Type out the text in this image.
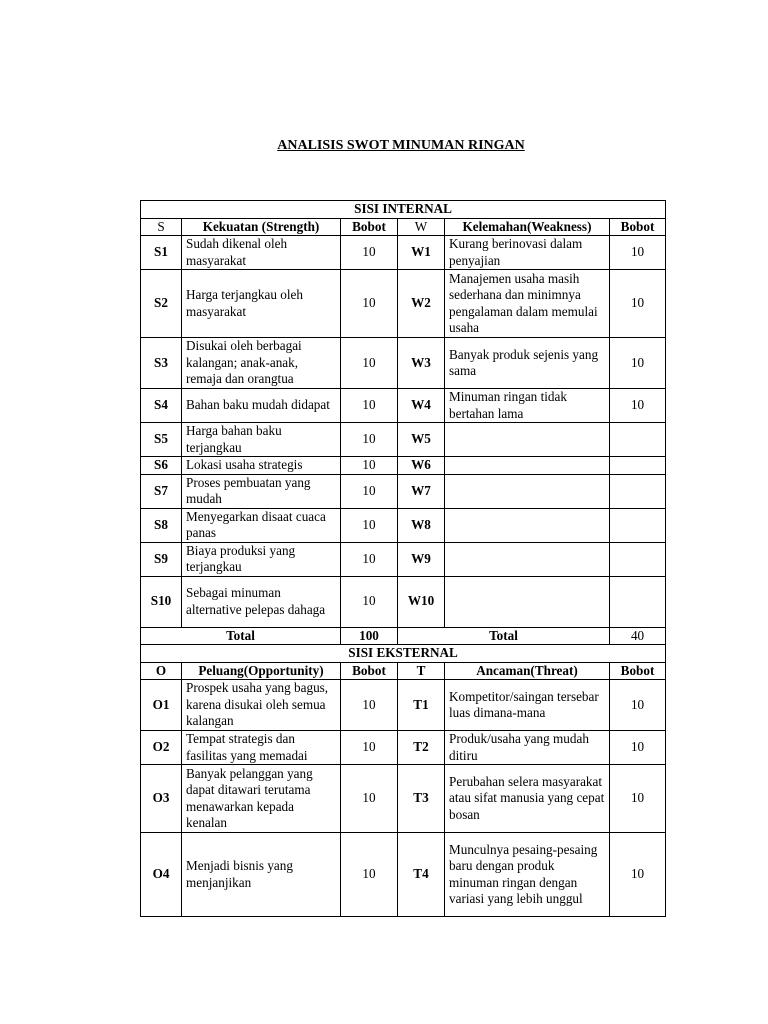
ANALISIS SWOT MINUMAN RINGAN
SISI INTERNAL					
S	Kekuatan (Strength)	Bobot	W	Kelemahan(Weakness)	Bobot
S1	Sudah dikenal oleh masyarakat	10	W1	Kurang berinovasi dalam penyajian	10
S2	Harga terjangkau oleh masyarakat	10	W2	Manajemen usaha masih sederhana dan minimnya pengalaman dalam memulai usaha	10
S3	Disukai oleh berbagai kalangan; anak-anak, remaja dan orangtua	10	W3	Banyak produk sejenis yang sama	10
S4	Bahan baku mudah didapat	10	W4	Minuman ringan tidak bertahan lama	10
S5	Harga bahan baku terjangkau	10	W5		
S6	Lokasi usaha strategis	10	W6		
S7	Proses pembuatan yang mudah	10	W7		
S8	Menyegarkan disaat cuaca panas	10	W8		
S9	Biaya produksi yang terjangkau	10	W9		
S10	Sebagai minuman alternative pelepas dahaga	10	W10		
Total		100	Total		40
SISI EKSTERNAL					
O	Peluang(Opportunity)	Bobot	T	Ancaman(Threat)	Bobot
O1	Prospek usaha yang bagus, karena disukai oleh semua kalangan	10	T1	Kompetitor/saingan tersebar luas dimana-mana	10
O2	Tempat strategis dan fasilitas yang memadai	10	T2	Produk/usaha yang mudah ditiru	10
O3	Banyak pelanggan yang dapat ditawari terutama menawarkan kepada kenalan	10	T3	Perubahan selera masyarakat atau sifat manusia yang cepat bosan	10
O4	Menjadi bisnis yang menjanjikan	10	T4	Munculnya pesaing-pesaing baru dengan produk minuman ringan dengan variasi yang lebih unggul	10
